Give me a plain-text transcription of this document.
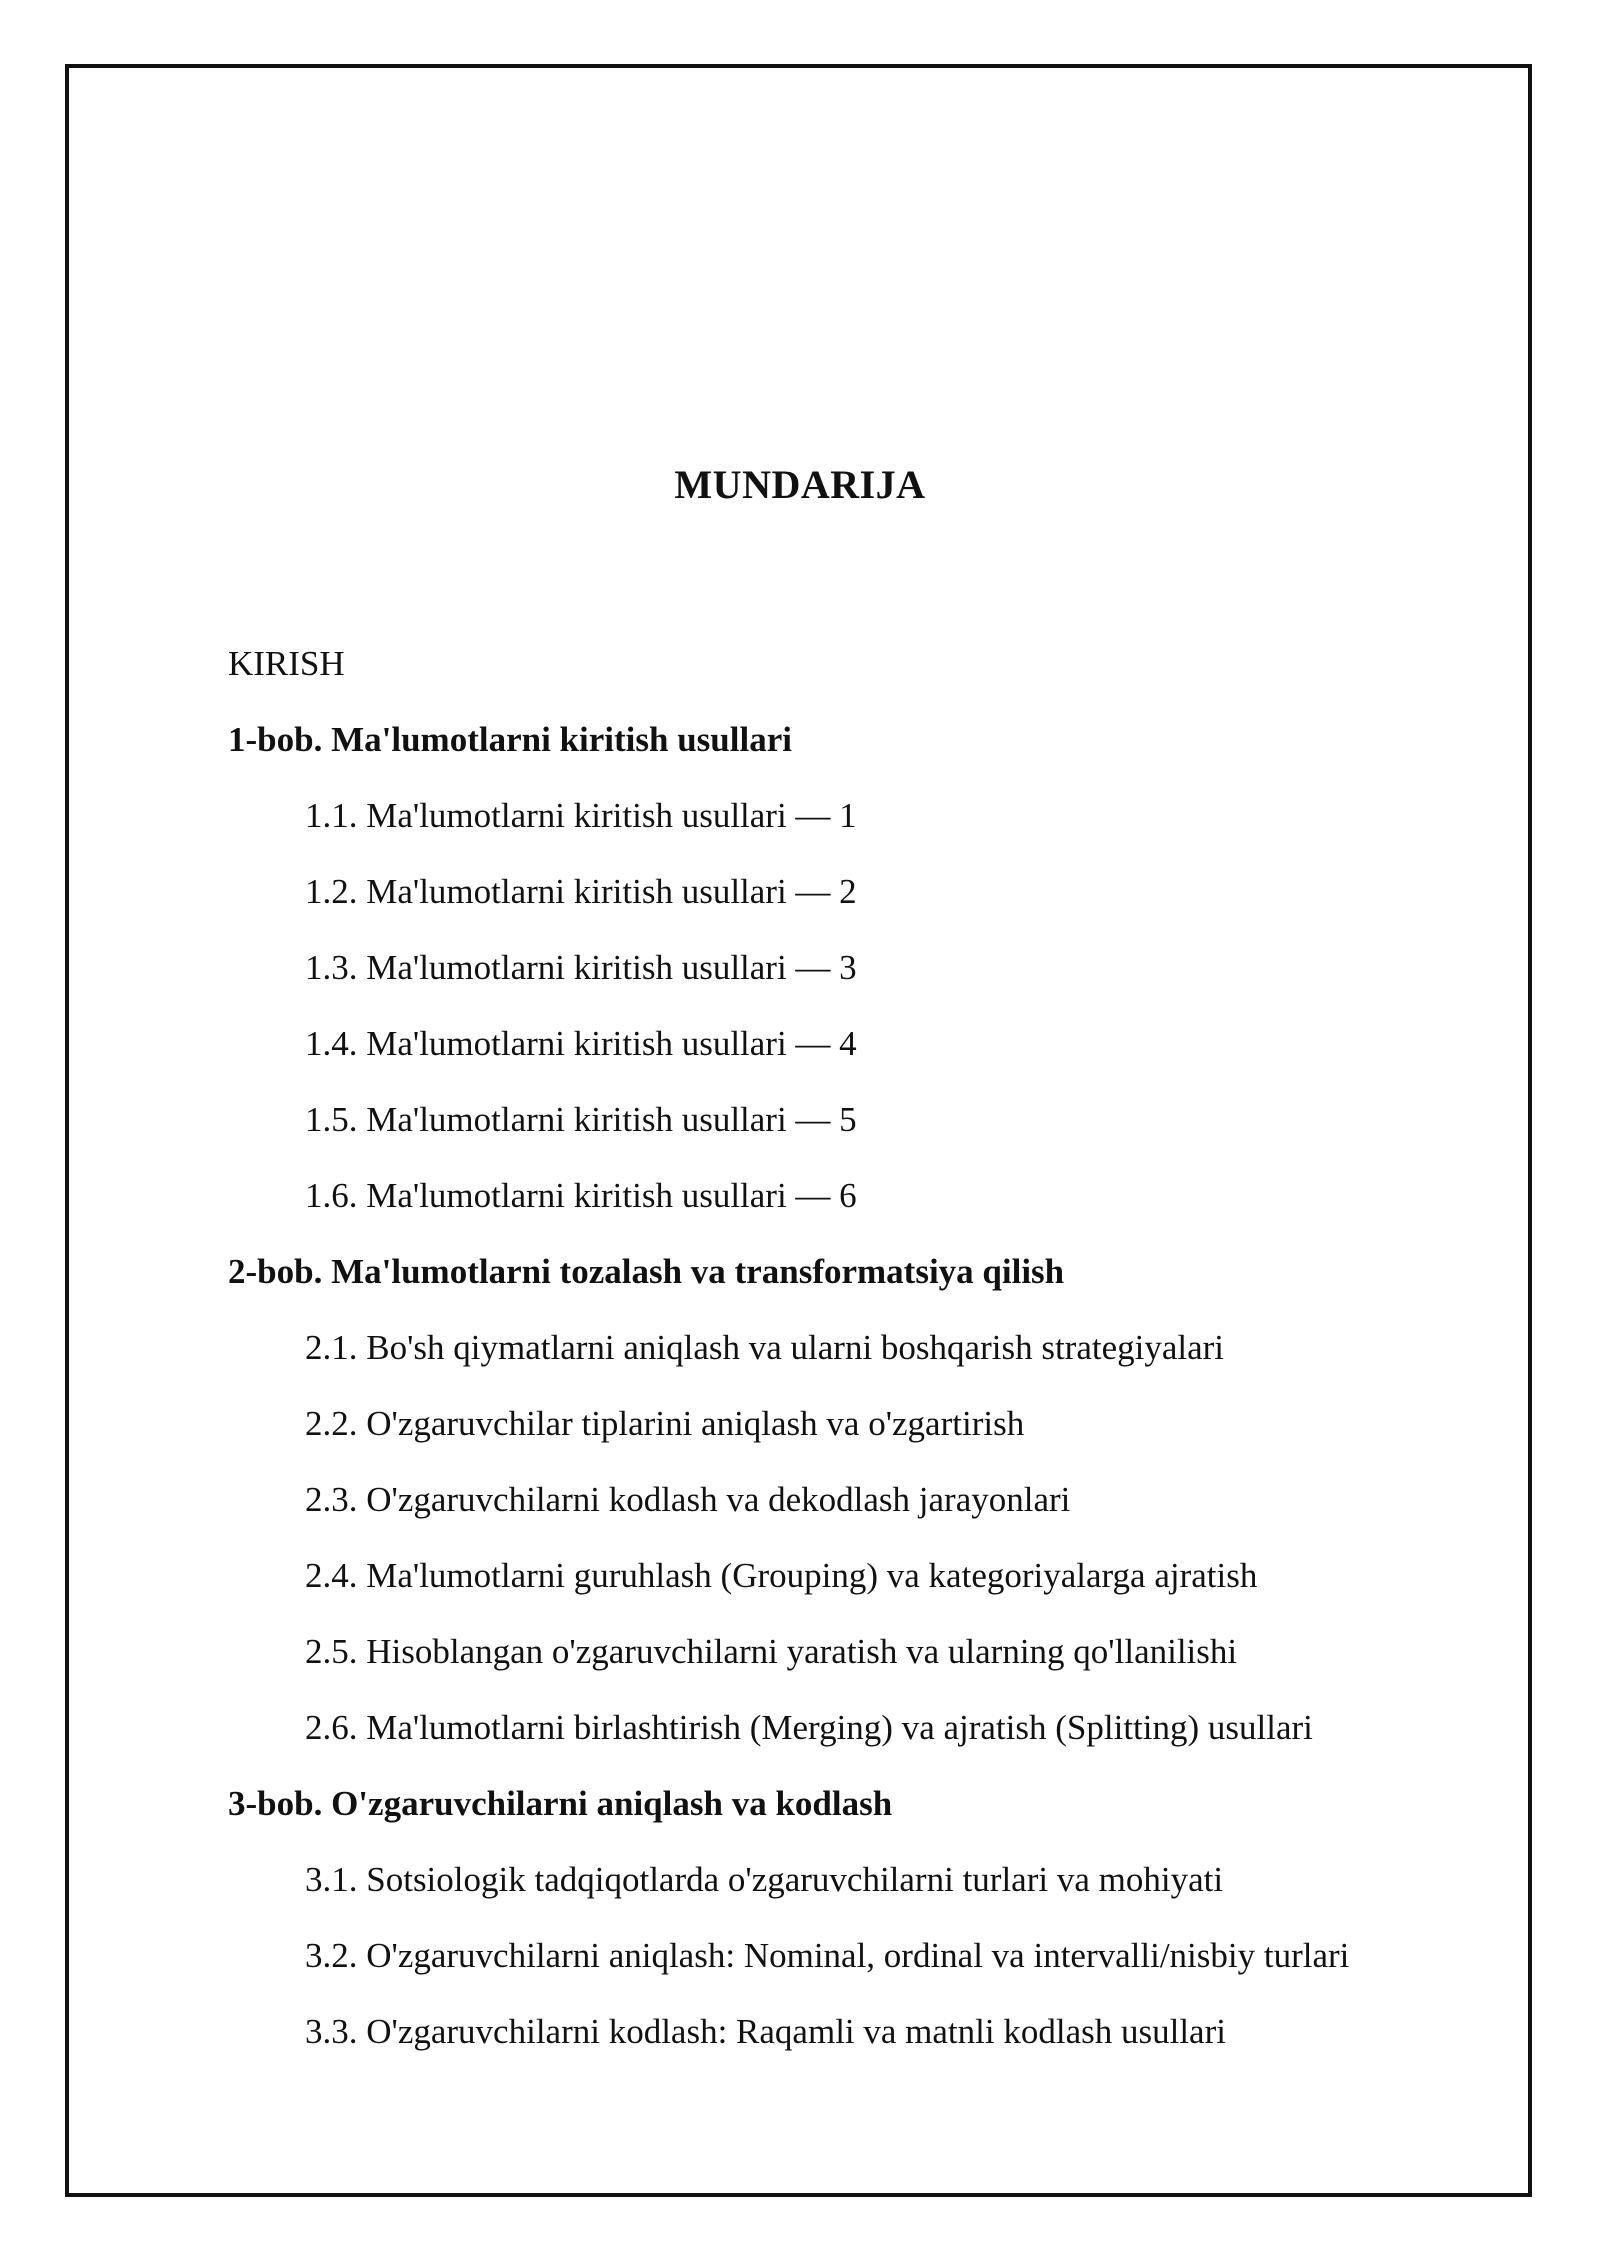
MUNDARIJA
KIRISH
1-bob. Ma'lumotlarni kiritish usullari
1.1. Ma'lumotlarni kiritish usullari — 1
1.2. Ma'lumotlarni kiritish usullari — 2
1.3. Ma'lumotlarni kiritish usullari — 3
1.4. Ma'lumotlarni kiritish usullari — 4
1.5. Ma'lumotlarni kiritish usullari — 5
1.6. Ma'lumotlarni kiritish usullari — 6
2-bob. Ma'lumotlarni tozalash va transformatsiya qilish
2.1. Bo'sh qiymatlarni aniqlash va ularni boshqarish strategiyalari
2.2. O'zgaruvchilar tiplarini aniqlash va o'zgartirish
2.3. O'zgaruvchilarni kodlash va dekodlash jarayonlari
2.4. Ma'lumotlarni guruhlash (Grouping) va kategoriyalarga ajratish
2.5. Hisoblangan o'zgaruvchilarni yaratish va ularning qo'llanilishi
2.6. Ma'lumotlarni birlashtirish (Merging) va ajratish (Splitting) usullari
3-bob. O'zgaruvchilarni aniqlash va kodlash
3.1. Sotsiologik tadqiqotlarda o'zgaruvchilarni turlari va mohiyati
3.2. O'zgaruvchilarni aniqlash: Nominal, ordinal va intervalli/nisbiy turlari
3.3. O'zgaruvchilarni kodlash: Raqamli va matnli kodlash usullari
